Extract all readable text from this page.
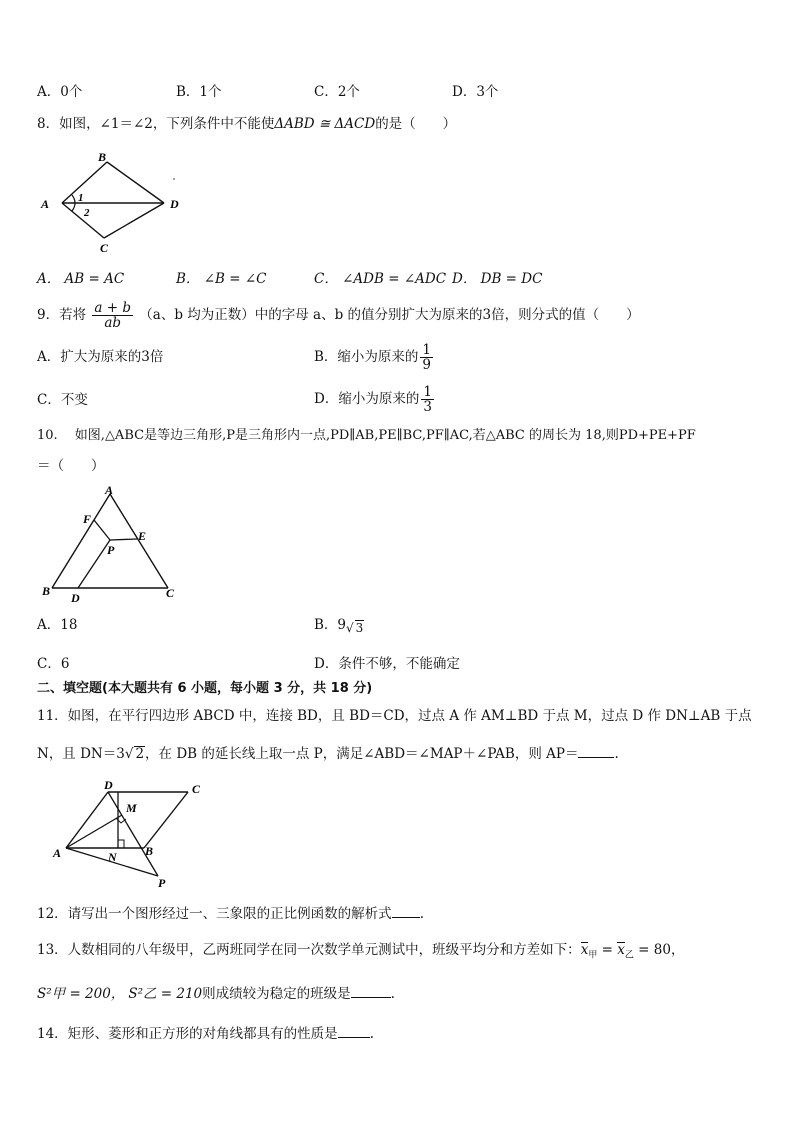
A．0个	B．1个	C．2个	D．3个
8．如图，∠1＝∠2，下列条件中不能使ΔABD ≅ ΔACD的是（　　）
B
A	D
C
1
2
A． AB = AC	B． ∠B = ∠C	C． ∠ADB = ∠ADC D． DB = DC
9．若将 $\frac{a + b}{ab} (a$、b 均为正数）中的字母 a、b 的值分别扩大为原来的3倍，则分式的值（　　）
A．扩大为原来的3倍	B．缩小为原来的 $\frac{1}{9}$
C．不变	D．缩小为原来的 $\frac{1}{3}$
10.　 如图,△ABC是等边三角形,P是三角形内一点,PD∥AB,PE∥BC,PF∥AC,若△ABC 的周长为 18,则PD+PE+PF
＝（　　）
A
F
E
P
B D	C
A．18	B．9√ 3
C．6	D．条件不够，不能确定
二、填空题(本大题共有 6 小题，每小题 3 分，共 18 分)
11．如图，在平行四边形 ABCD 中，连接 BD，且 BD＝CD，过点 A 作 AM⊥BD 于点 M，过点 D 作 DN⊥AB 于点
N，且 DN＝3√ 2，在 DB 的延长线上取一点 P，满足∠ABD＝∠MAP＋∠PAB，则 AP＝	.
D
M
C
A	N B
P
12．请写出一个图形经过一、三象限的正比例函数的解析式 .
13．人数相同的八年级甲，乙两班同学在同一次数学单元测试中，班级平均分和方差如下：$x_甲 = x_乙 = 80$，
S²甲 = 200， S²乙 = 210则成绩较为稳定的班级是	.
14．矩形、菱形和正方形的对角线都具有的性质是 .
